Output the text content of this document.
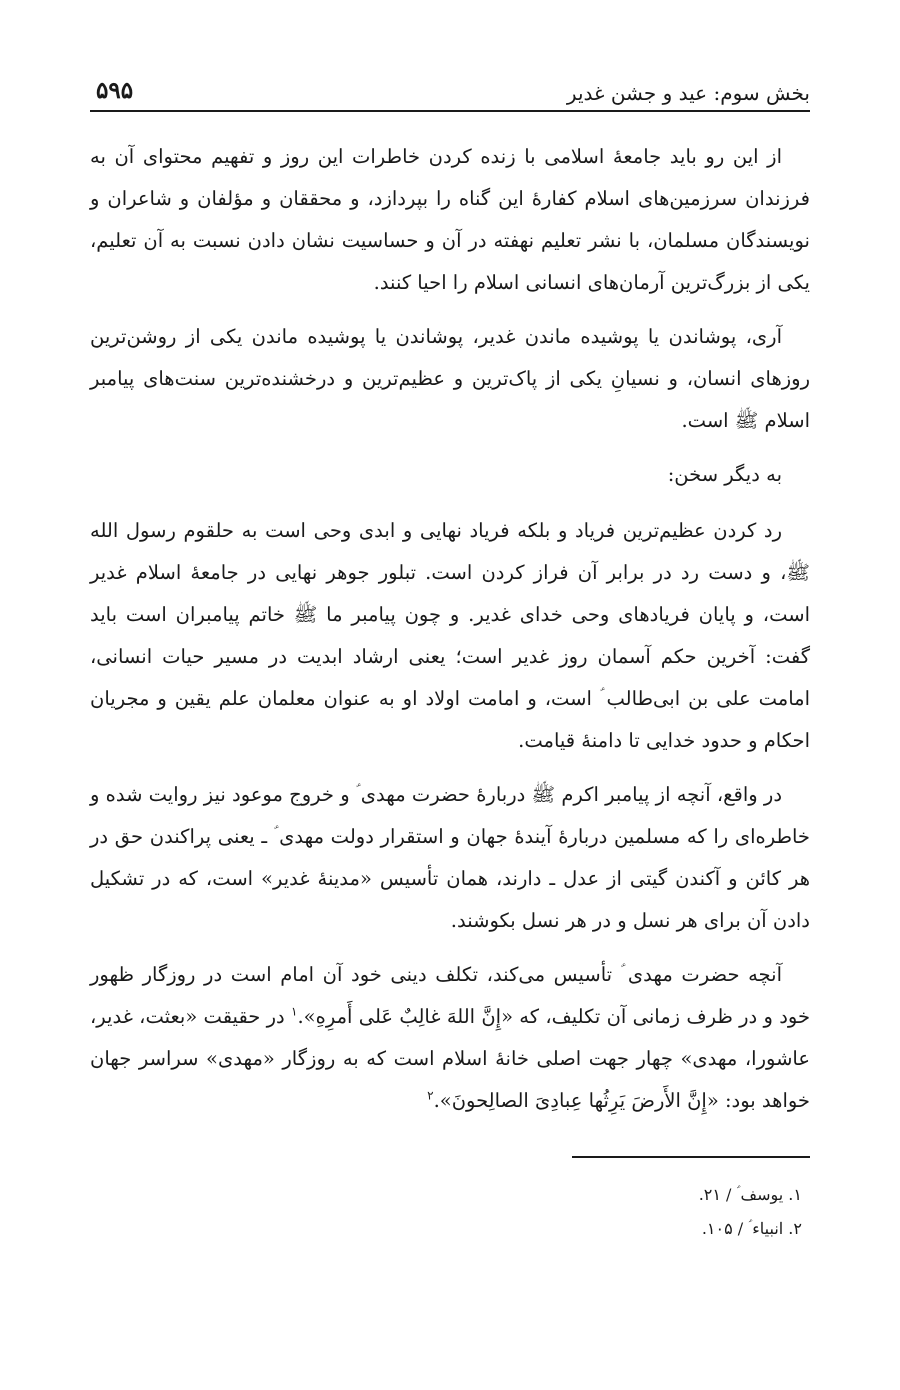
بخش سوم: عید و جشن غدیر
۵۹۵

از این رو باید جامعهٔ اسلامی با زنده کردن خاطرات این روز و تفهیم محتوای آن به فرزندان سرزمین‌های اسلام کفارهٔ این گناه را بپردازد، و محققان و مؤلفان و شاعران و نویسندگان مسلمان، با نشر تعلیم نهفته در آن و حساسیت نشان دادن نسبت به آن تعلیم، یکی از بزرگ‌ترین آرمان‌های انسانی اسلام را احیا کنند.

آری، پوشاندن یا پوشیده ماندن غدیر، پوشاندن یا پوشیده ماندن یکی از روشن‌ترین روزهای انسان، و نسیانِ یکی از پاک‌ترین و عظیم‌ترین و درخشنده‌ترین سنت‌های پیامبر اسلام ﷺ است.

به دیگر سخن:

رد کردن عظیم‌ترین فریاد و بلکه فریاد نهایی و ابدی وحی است به حلقوم رسول الله ﷺ، و دست رد در برابر آن فراز کردن است. تبلور جوهر نهایی در جامعهٔ اسلام غدیر است، و پایان فریادهای وحی خدای غدیر. و چون پیامبر ما ﷺ خاتم پیامبران است باید گفت: آخرین حکم آسمان روز غدیر است؛ یعنی ارشاد ابدیت در مسیر حیات انسانی، امامت علی بن ابی‌طالب ؑ است، و امامت اولاد او به عنوان معلمان علم یقین و مجریان احکام و حدود خدایی تا دامنهٔ قیامت.

در واقع، آنچه از پیامبر اکرم ﷺ دربارهٔ حضرت مهدی ؑ و خروج موعود نیز روایت شده و خاطره‌ای را که مسلمین دربارهٔ آیندهٔ جهان و استقرار دولت مهدی ؑ ـ یعنی پراکندن حق در هر کائن و آکندن گیتی از عدل ـ دارند، همان تأسیس «مدینهٔ غدیر» است، که در تشکیل دادن آن برای هر نسل و در هر نسل بکوشند.

آنچه حضرت مهدی ؑ تأسیس می‌کند، تکلف دینی خود آن امام است در روزگار ظهور خود و در ظرف زمانی آن تکلیف، که «إِنَّ اللهَ غالِبٌ عَلی أَمرِهِ».$^۱$ در حقیقت «بعثت، غدیر، عاشورا، مهدی» چهار جهت اصلی خانهٔ اسلام است که به روزگار «مهدی» سراسر جهان خواهد بود: «إِنَّ الأَرضَ یَرِثُها عِبادِیَ الصالِحونَ».$^۲$

۱. یوسف ؑ / ۲۱.

۲. انبیاء ؑ / ۱۰۵.
